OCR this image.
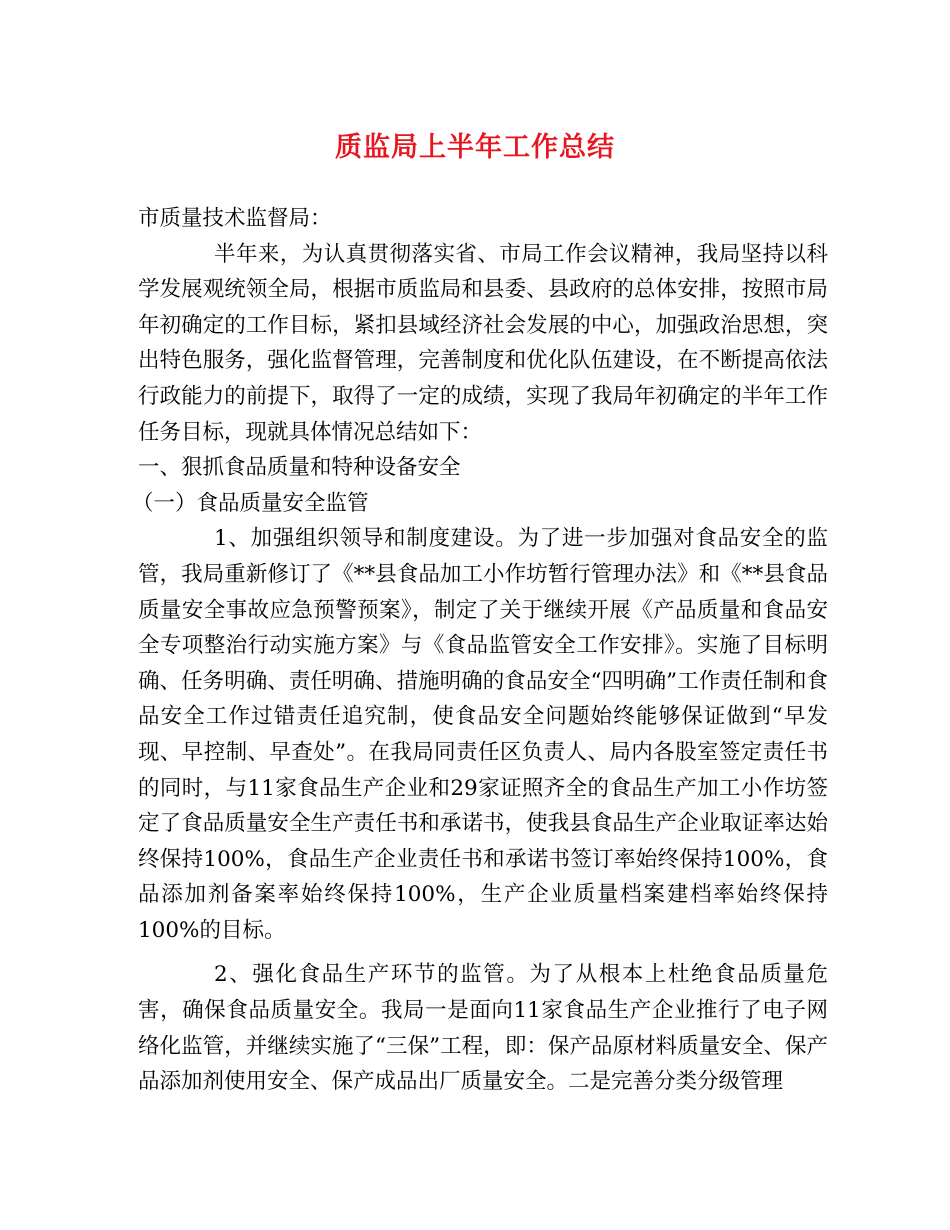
质监局上半年工作总结

市质量技术监督局：

半年来，为认真贯彻落实省、市局工作会议精神，我局坚持以科学发展观统领全局，根据市质监局和县委、县政府的总体安排，按照市局年初确定的工作目标，紧扣县域经济社会发展的中心，加强政治思想，突出特色服务，强化监督管理，完善制度和优化队伍建设，在不断提高依法行政能力的前提下，取得了一定的成绩，实现了我局年初确定的半年工作任务目标，现就具体情况总结如下：

一、狠抓食品质量和特种设备安全

（一）食品质量安全监管

1、加强组织领导和制度建设。为了进一步加强对食品安全的监管，我局重新修订了《**县食品加工小作坊暂行管理办法》和《**县食品质量安全事故应急预警预案》，制定了关于继续开展《产品质量和食品安全专项整治行动实施方案》与《食品监管安全工作安排》。实施了目标明确、任务明确、责任明确、措施明确的食品安全“四明确”工作责任制和食品安全工作过错责任追究制，使食品安全问题始终能够保证做到“早发现、早控制、早查处”。在我局同责任区负责人、局内各股室签定责任书的同时，与11家食品生产企业和29家证照齐全的食品生产加工小作坊签定了食品质量安全生产责任书和承诺书，使我县食品生产企业取证率达始终保持100%，食品生产企业责任书和承诺书签订率始终保持100%，食品添加剂备案率始终保持100%，生产企业质量档案建档率始终保持100%的目标。

2、强化食品生产环节的监管。为了从根本上杜绝食品质量危害，确保食品质量安全。我局一是面向11家食品生产企业推行了电子网络化监管，并继续实施了“三保”工程，即：保产品原材料质量安全、保产品添加剂使用安全、保产成品出厂质量安全。二是完善分类分级管理
